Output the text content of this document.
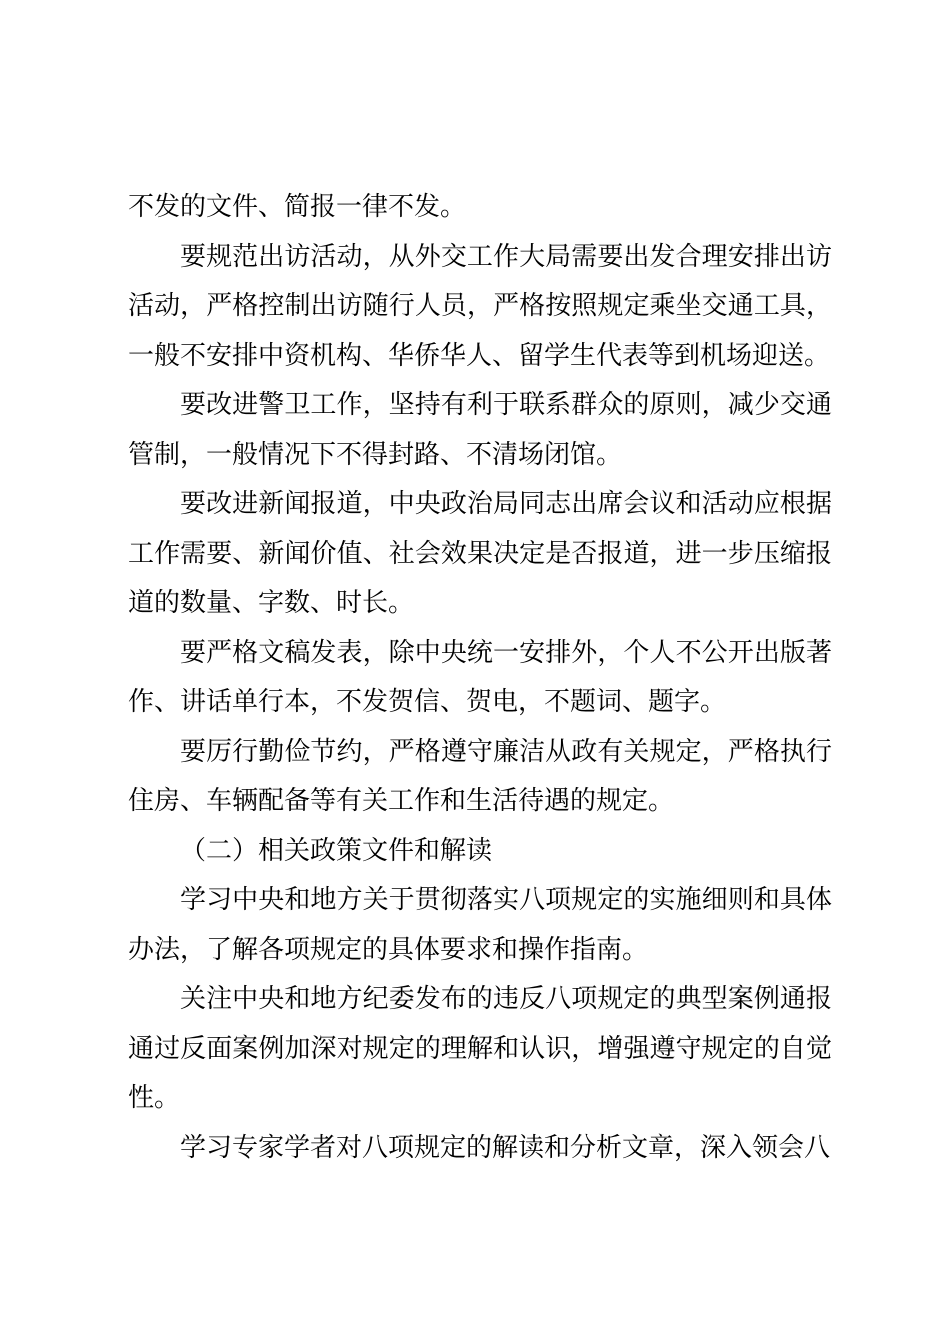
不发的文件、简报一律不发。

要规范出访活动，从外交工作大局需要出发合理安排出访活动，严格控制出访随行人员，严格按照规定乘坐交通工具，一般不安排中资机构、华侨华人、留学生代表等到机场迎送。

要改进警卫工作，坚持有利于联系群众的原则，减少交通管制，一般情况下不得封路、不清场闭馆。

要改进新闻报道，中央政治局同志出席会议和活动应根据工作需要、新闻价值、社会效果决定是否报道，进一步压缩报道的数量、字数、时长。

要严格文稿发表，除中央统一安排外，个人不公开出版著作、讲话单行本，不发贺信、贺电，不题词、题字。

要厉行勤俭节约，严格遵守廉洁从政有关规定，严格执行住房、车辆配备等有关工作和生活待遇的规定。

（二）相关政策文件和解读

学习中央和地方关于贯彻落实八项规定的实施细则和具体办法，了解各项规定的具体要求和操作指南。

关注中央和地方纪委发布的违反八项规定的典型案例通报通过反面案例加深对规定的理解和认识，增强遵守规定的自觉性。

学习专家学者对八项规定的解读和分析文章，深入领会八
